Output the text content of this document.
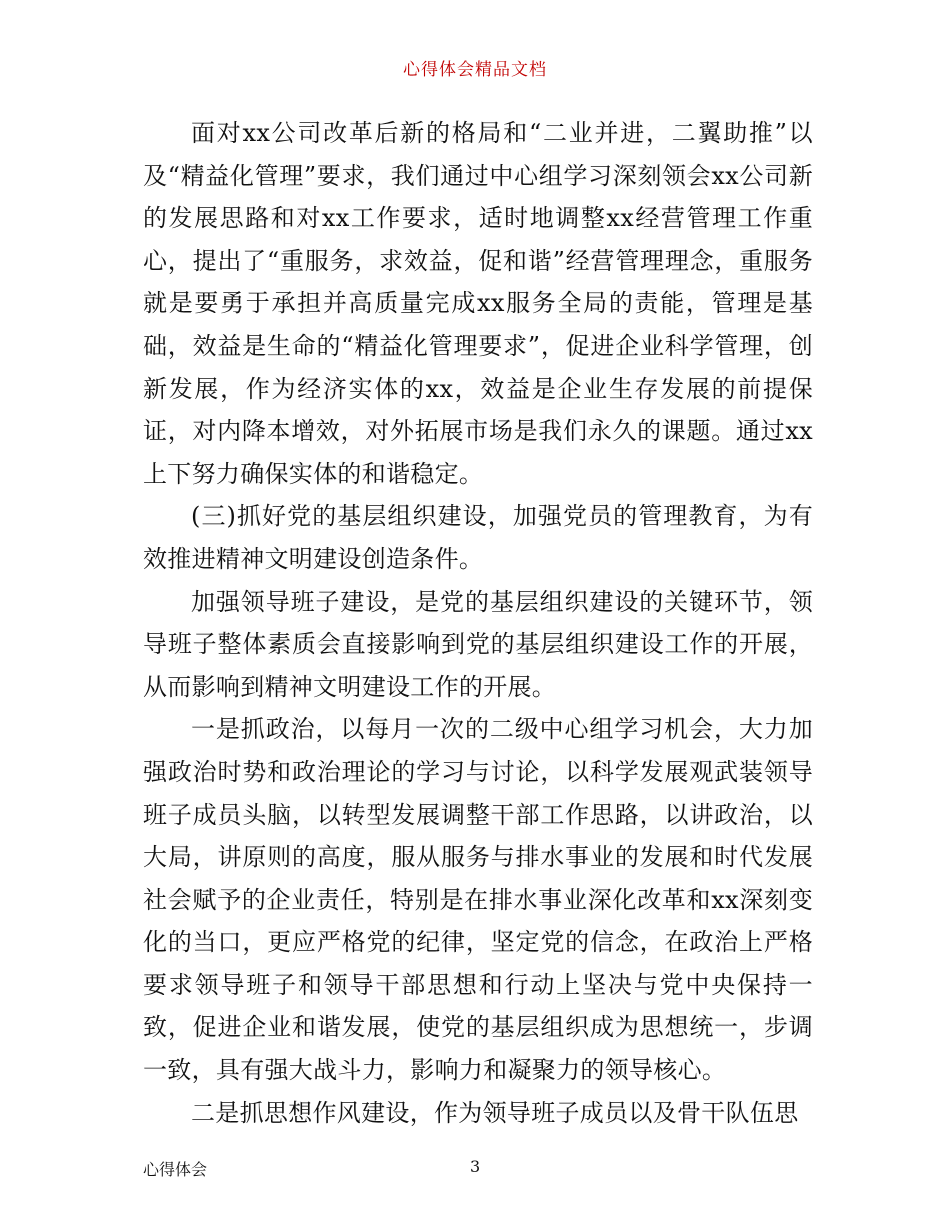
心得体会精品文档

面对xx公司改革后新的格局和“二业并进，二翼助推”以及“精益化管理”要求，我们通过中心组学习深刻领会xx公司新的发展思路和对xx工作要求，适时地调整xx经营管理工作重心，提出了“重服务，求效益，促和谐”经营管理理念，重服务就是要勇于承担并高质量完成xx服务全局的责能，管理是基础，效益是生命的“精益化管理要求”，促进企业科学管理，创新发展，作为经济实体的xx，效益是企业生存发展的前提保证，对内降本增效，对外拓展市场是我们永久的课题。通过xx上下努力确保实体的和谐稳定。

(三)抓好党的基层组织建设，加强党员的管理教育，为有效推进精神文明建设创造条件。

加强领导班子建设，是党的基层组织建设的关键环节，领导班子整体素质会直接影响到党的基层组织建设工作的开展，从而影响到精神文明建设工作的开展。

一是抓政治，以每月一次的二级中心组学习机会，大力加强政治时势和政治理论的学习与讨论，以科学发展观武装领导班子成员头脑，以转型发展调整干部工作思路，以讲政治，以大局，讲原则的高度，服从服务与排水事业的发展和时代发展社会赋予的企业责任，特别是在排水事业深化改革和xx深刻变化的当口，更应严格党的纪律，坚定党的信念，在政治上严格要求领导班子和领导干部思想和行动上坚决与党中央保持一致，促进企业和谐发展，使党的基层组织成为思想统一，步调一致，具有强大战斗力，影响力和凝聚力的领导核心。

二是抓思想作风建设，作为领导班子成员以及骨干队伍思

心得体会	3
